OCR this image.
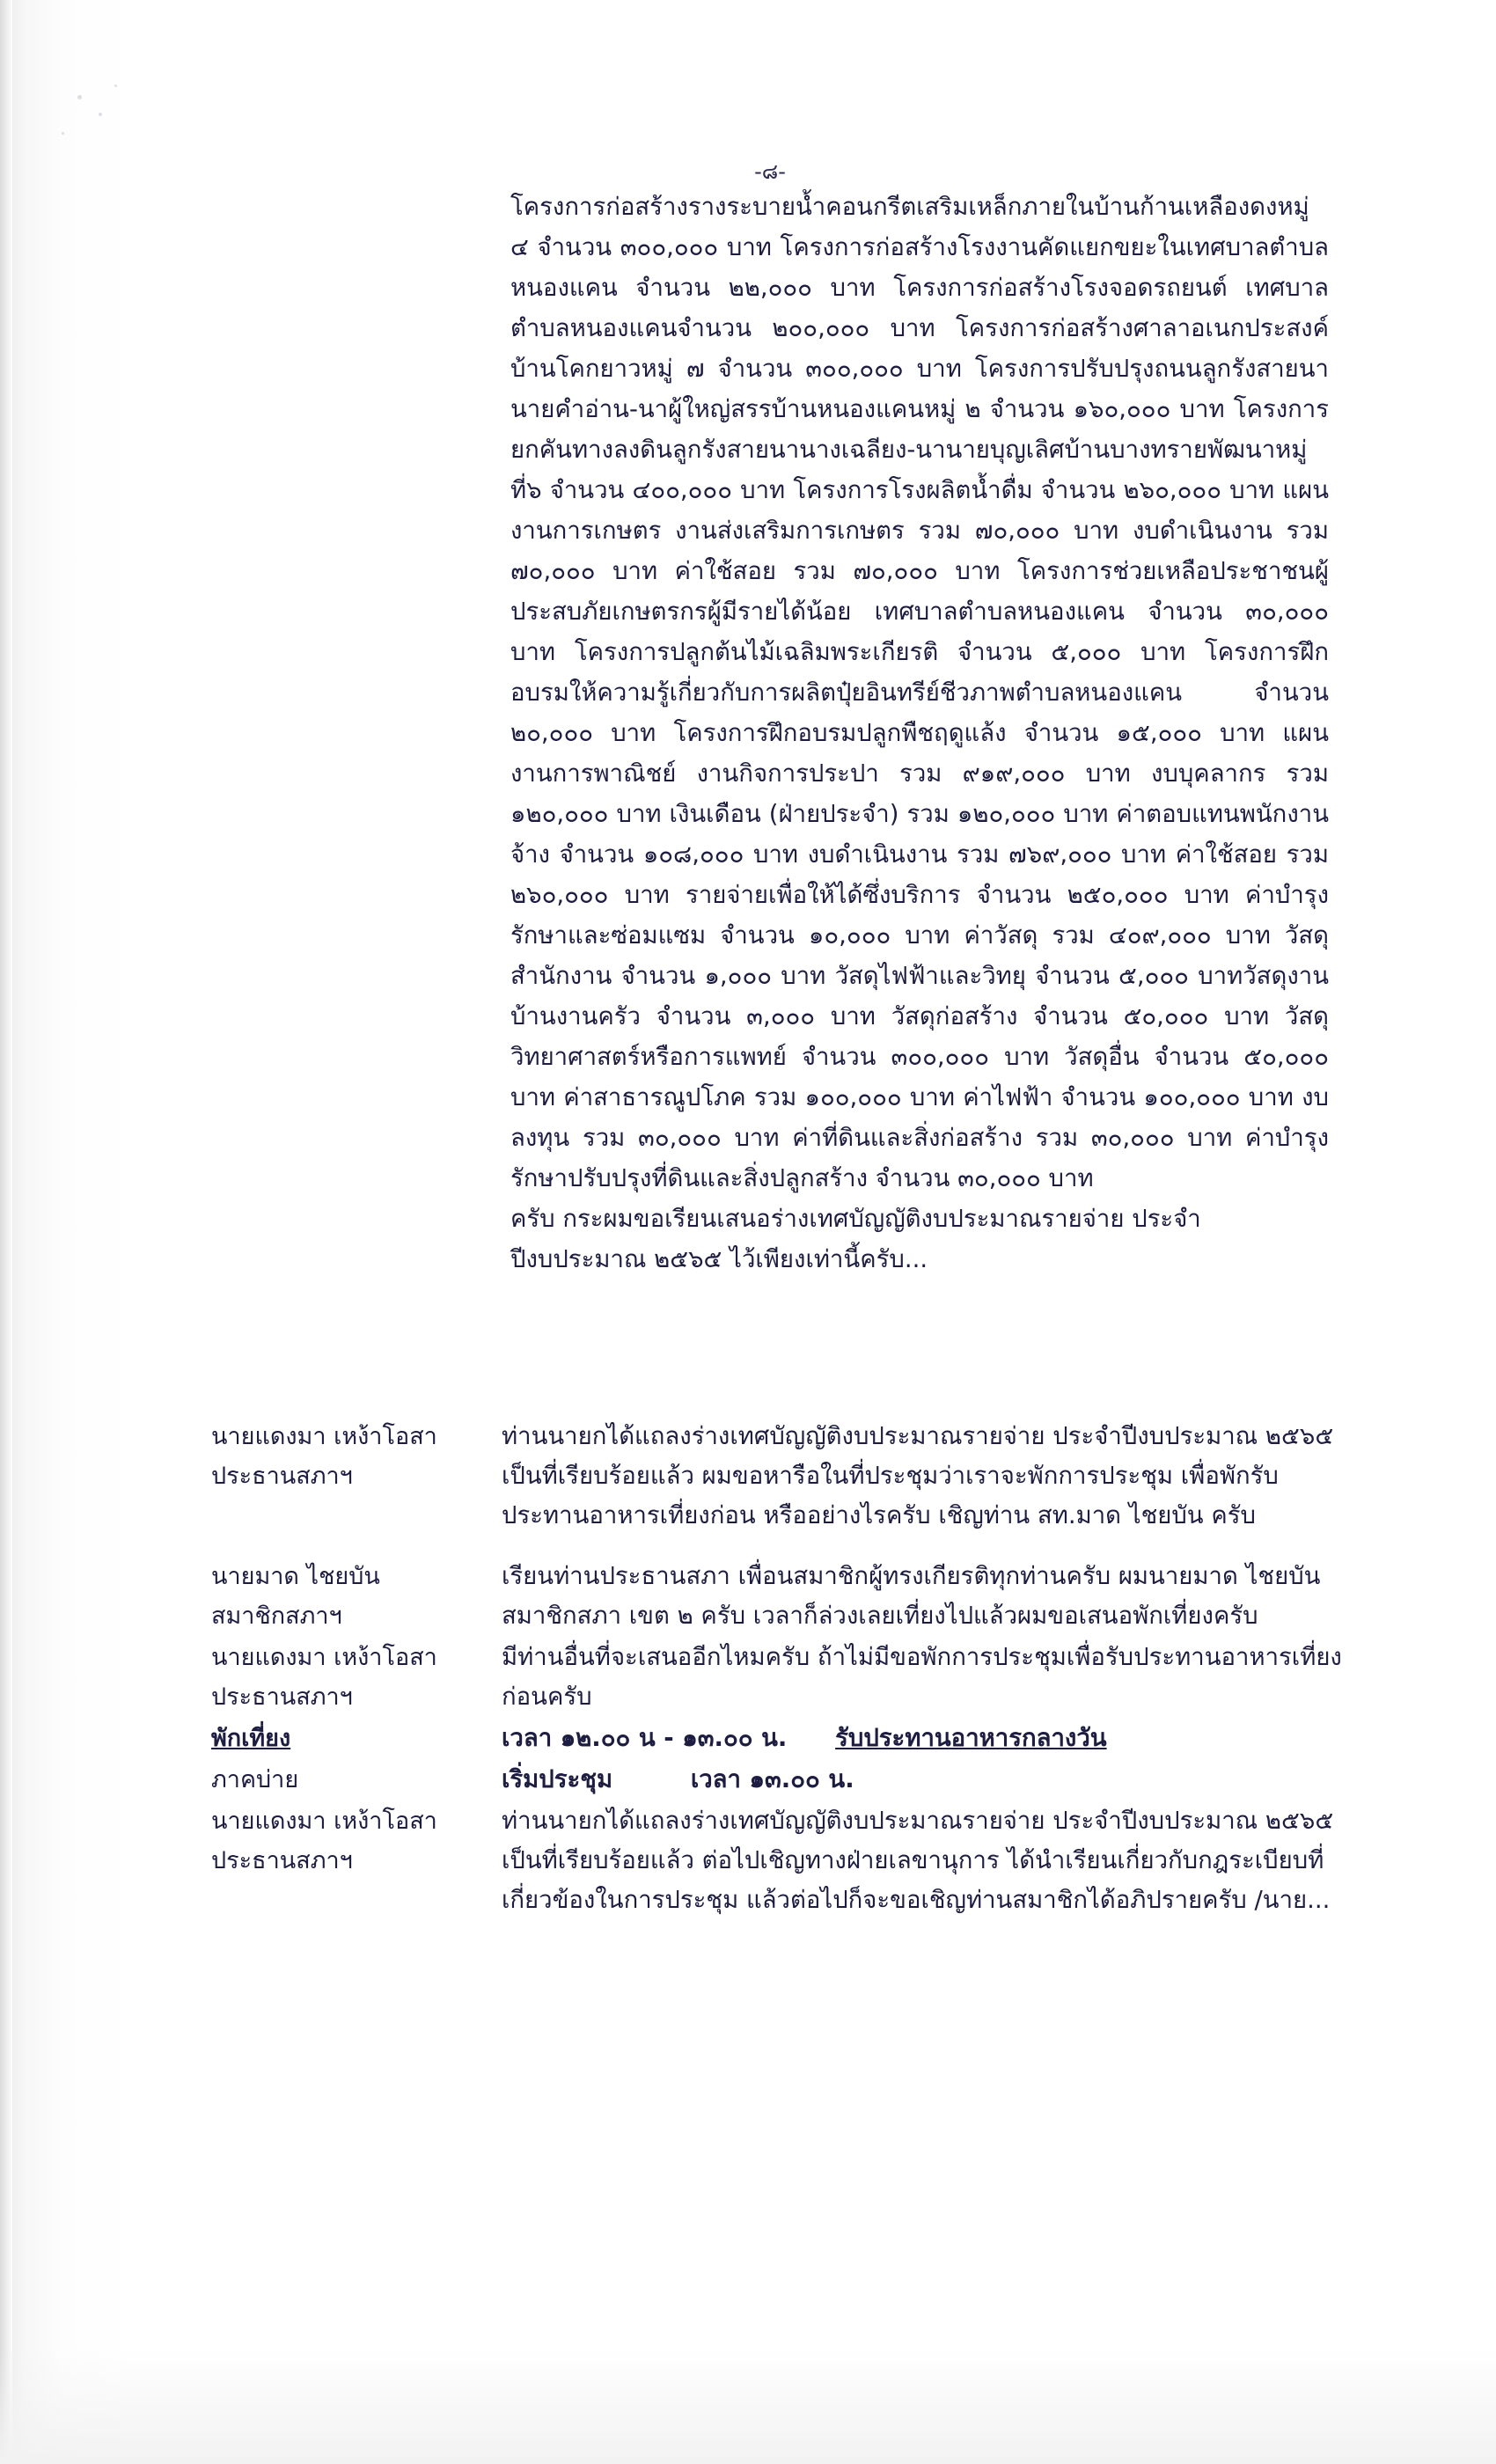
-๘-

โครงการก่อสร้างรางระบายน้ำคอนกรีตเสริมเหล็กภายในบ้านก้านเหลืองดงหมู่ ๔ จำนวน ๓๐๐,๐๐๐ บาท โครงการก่อสร้างโรงงานคัดแยกขยะในเทศบาลตำบลหนองแคน จำนวน ๒๒,๐๐๐ บาท โครงการก่อสร้างโรงจอดรถยนต์ เทศบาลตำบลหนองแคนจำนวน ๒๐๐,๐๐๐ บาท โครงการก่อสร้างศาลาอเนกประสงค์ บ้านโคกยาวหมู่ ๗ จำนวน ๓๐๐,๐๐๐ บาท โครงการปรับปรุงถนนลูกรังสายนานายคำอ่าน-นาผู้ใหญ่สรรบ้านหนองแคนหมู่ ๒ จำนวน ๑๖๐,๐๐๐ บาท โครงการยกคันทางลงดินลูกรังสายนานางเฉลียง-นานายบุญเลิศบ้านบางทรายพัฒนาหมู่ที่๖ จำนวน ๔๐๐,๐๐๐ บาท โครงการโรงผลิตน้ำดื่ม จำนวน ๒๖๐,๐๐๐ บาท แผนงานการเกษตร งานส่งเสริมการเกษตร รวม ๗๐,๐๐๐ บาท งบดำเนินงาน รวม ๗๐,๐๐๐ บาท ค่าใช้สอย รวม ๗๐,๐๐๐ บาท โครงการช่วยเหลือประชาชนผู้ประสบภัยเกษตรกรผู้มีรายได้น้อย เทศบาลตำบลหนองแคน จำนวน ๓๐,๐๐๐ บาท โครงการปลูกต้นไม้เฉลิมพระเกียรติ จำนวน ๕,๐๐๐ บาท โครงการฝึกอบรมให้ความรู้เกี่ยวกับการผลิตปุ๋ยอินทรีย์ชีวภาพตำบลหนองแคน จำนวน ๒๐,๐๐๐ บาท โครงการฝึกอบรมปลูกพืชฤดูแล้ง จำนวน ๑๕,๐๐๐ บาท แผนงานการพาณิชย์ งานกิจการประปา รวม ๙๑๙,๐๐๐ บาท งบบุคลากร รวม ๑๒๐,๐๐๐ บาท เงินเดือน (ฝ่ายประจำ) รวม ๑๒๐,๐๐๐ บาท ค่าตอบแทนพนักงานจ้าง จำนวน ๑๐๘,๐๐๐ บาท งบดำเนินงาน รวม ๗๖๙,๐๐๐ บาท ค่าใช้สอย รวม ๒๖๐,๐๐๐ บาท รายจ่ายเพื่อให้ได้ซึ่งบริการ จำนวน ๒๕๐,๐๐๐ บาท ค่าบำรุงรักษาและซ่อมแซม จำนวน ๑๐,๐๐๐ บาท ค่าวัสดุ รวม ๔๐๙,๐๐๐ บาท วัสดุสำนักงาน จำนวน ๑,๐๐๐ บาท วัสดุไฟฟ้าและวิทยุ จำนวน ๕,๐๐๐ บาทวัสดุงานบ้านงานครัว จำนวน ๓,๐๐๐ บาท วัสดุก่อสร้าง จำนวน ๕๐,๐๐๐ บาท วัสดุวิทยาศาสตร์หรือการแพทย์ จำนวน ๓๐๐,๐๐๐ บาท วัสดุอื่น จำนวน ๕๐,๐๐๐ บาท ค่าสาธารณูปโภค รวม ๑๐๐,๐๐๐ บาท ค่าไฟฟ้า จำนวน ๑๐๐,๐๐๐ บาท งบลงทุน รวม ๓๐,๐๐๐ บาท ค่าที่ดินและสิ่งก่อสร้าง รวม ๓๐,๐๐๐ บาท ค่าบำรุงรักษาปรับปรุงที่ดินและสิ่งปลูกสร้าง จำนวน ๓๐,๐๐๐ บาท

ครับ กระผมขอเรียนเสนอร่างเทศบัญญัติงบประมาณรายจ่าย ประจำปีงบประมาณ ๒๕๖๕ ไว้เพียงเท่านี้ครับ...

นายแดงมา เหง้าโอสา
ประธานสภาฯ
ท่านนายกได้แถลงร่างเทศบัญญัติงบประมาณรายจ่าย ประจำปีงบประมาณ ๒๕๖๕ เป็นที่เรียบร้อยแล้ว ผมขอหารือในที่ประชุมว่าเราจะพักการประชุม เพื่อพักรับประทานอาหารเที่ยงก่อน หรืออย่างไรครับ เชิญท่าน สท.มาด ไชยบัน ครับ
นายมาด ไชยบัน
สมาชิกสภาฯ
เรียนท่านประธานสภา เพื่อนสมาชิกผู้ทรงเกียรติทุกท่านครับ ผมนายมาด ไชยบัน สมาชิกสภา เขต ๒ ครับ เวลาก็ล่วงเลยเที่ยงไปแล้วผมขอเสนอพักเที่ยงครับ
นายแดงมา เหง้าโอสา
ประธานสภาฯ
มีท่านอื่นที่จะเสนออีกไหมครับ ถ้าไม่มีขอพักการประชุมเพื่อรับประทานอาหารเที่ยงก่อนครับ
พักเที่ยง	เวลา ๑๒.๐๐ น - ๑๓.๐๐ น. รับประทานอาหารกลางวัน
ภาคบ่าย	เริ่มประชุม	เวลา ๑๓.๐๐ น.
นายแดงมา เหง้าโอสา
ประธานสภาฯ
ท่านนายกได้แถลงร่างเทศบัญญัติงบประมาณรายจ่าย ประจำปีงบประมาณ ๒๕๖๕ เป็นที่เรียบร้อยแล้ว ต่อไปเชิญทางฝ่ายเลขานุการ ได้นำเรียนเกี่ยวกับกฎระเบียบที่เกี่ยวข้องในการประชุม แล้วต่อไปก็จะขอเชิญท่านสมาชิกได้อภิปรายครับ /นาย...
